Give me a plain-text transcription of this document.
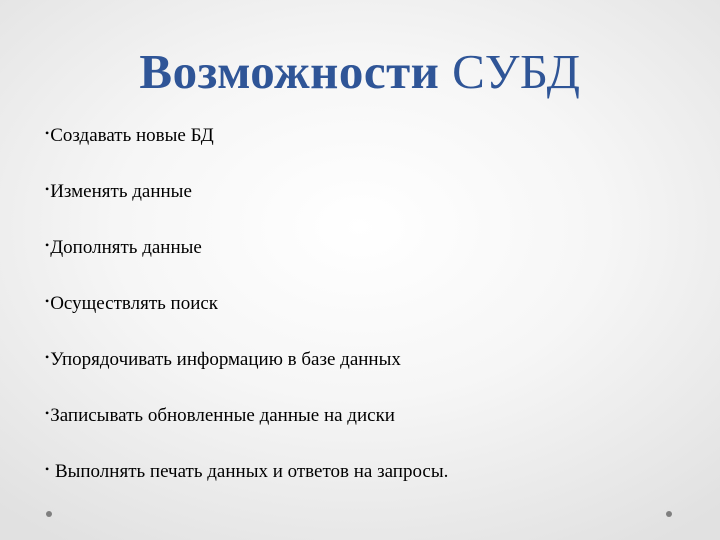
Возможности СУБД
•Создавать новые БД
•Изменять данные
•Дополнять данные
•Осуществлять поиск
•Упорядочивать информацию в базе данных
•Записывать обновленные данные на диски
• Выполнять печать данных и ответов на запросы.
